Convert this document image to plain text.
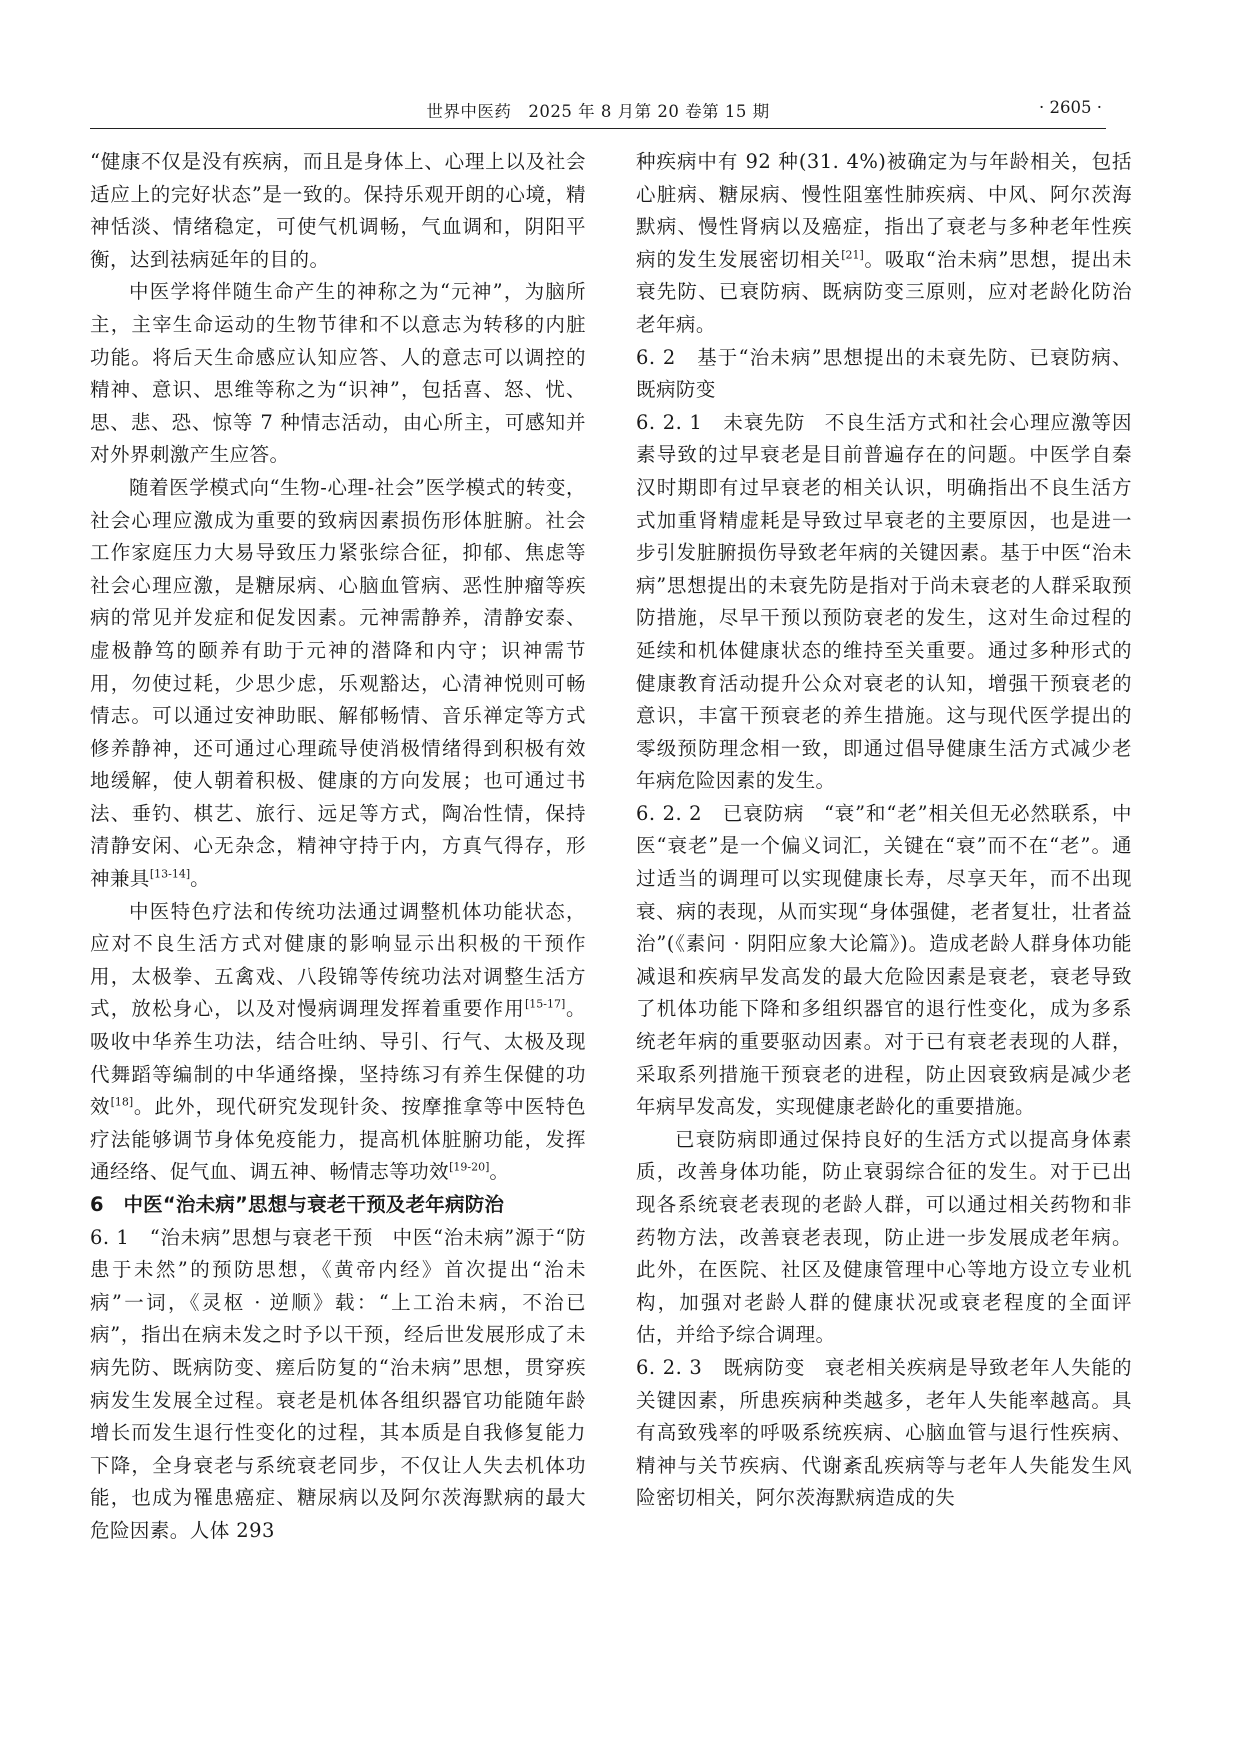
世界中医药　2025 年 8 月第 20 卷第 15 期	· 2605 ·

“健康不仅是没有疾病，而且是身体上、心理上以及社会适应上的完好状态”是一致的。保持乐观开朗的心境，精神恬淡、情绪稳定，可使气机调畅，气血调和，阴阳平衡，达到祛病延年的目的。

中医学将伴随生命产生的神称之为“元神”，为脑所主，主宰生命运动的生物节律和不以意志为转移的内脏功能。将后天生命感应认知应答、人的意志可以调控的精神、意识、思维等称之为“识神”，包括喜、怒、忧、思、悲、恐、惊等 7 种情志活动，由心所主，可感知并对外界刺激产生应答。

随着医学模式向“生物-心理-社会”医学模式的转变，社会心理应激成为重要的致病因素损伤形体脏腑。社会工作家庭压力大易导致压力紧张综合征，抑郁、焦虑等社会心理应激，是糖尿病、心脑血管病、恶性肿瘤等疾病的常见并发症和促发因素。元神需静养，清静安泰、虚极静笃的颐养有助于元神的潜降和内守；识神需节用，勿使过耗，少思少虑，乐观豁达，心清神悦则可畅情志。可以通过安神助眠、解郁畅情、音乐禅定等方式修养静神，还可通过心理疏导使消极情绪得到积极有效地缓解，使人朝着积极、健康的方向发展；也可通过书法、垂钓、棋艺、旅行、远足等方式，陶冶性情，保持清静安闲、心无杂念，精神守持于内，方真气得存，形神兼具[13-14]。

中医特色疗法和传统功法通过调整机体功能状态，应对不良生活方式对健康的影响显示出积极的干预作用，太极拳、五禽戏、八段锦等传统功法对调整生活方式，放松身心，以及对慢病调理发挥着重要作用[15-17]。吸收中华养生功法，结合吐纳、导引、行气、太极及现代舞蹈等编制的中华通络操，坚持练习有养生保健的功效[18]。此外，现代研究发现针灸、按摩推拿等中医特色疗法能够调节身体免疫能力，提高机体脏腑功能，发挥通经络、促气血、调五神、畅情志等功效[19-20]。

6　中医“治未病”思想与衰老干预及老年病防治

6. 1　“治未病”思想与衰老干预 中医“治未病”源于“防患于未然”的预防思想，《黄帝内经》首次提出“治未病”一词，《灵枢 · 逆顺》载：“上工治未病，不治已病”，指出在病未发之时予以干预，经后世发展形成了未病先防、既病防变、瘥后防复的“治未病”思想，贯穿疾病发生发展全过程。衰老是机体各组织器官功能随年龄增长而发生退行性变化的过程，其本质是自我修复能力下降，全身衰老与系统衰老同步，不仅让人失去机体功能，也成为罹患癌症、糖尿病以及阿尔茨海默病的最大危险因素。人体 293

种疾病中有 92 种(31. 4%)被确定为与年龄相关，包括心脏病、糖尿病、慢性阻塞性肺疾病、中风、阿尔茨海默病、慢性肾病以及癌症，指出了衰老与多种老年性疾病的发生发展密切相关[21]。吸取“治未病”思想，提出未衰先防、已衰防病、既病防变三原则，应对老龄化防治老年病。

6. 2　基于“治未病”思想提出的未衰先防、已衰防病、既病防变

6. 2. 1　未衰先防 不良生活方式和社会心理应激等因素导致的过早衰老是目前普遍存在的问题。中医学自秦汉时期即有过早衰老的相关认识，明确指出不良生活方式加重肾精虚耗是导致过早衰老的主要原因，也是进一步引发脏腑损伤导致老年病的关键因素。基于中医“治未病”思想提出的未衰先防是指对于尚未衰老的人群采取预防措施，尽早干预以预防衰老的发生，这对生命过程的延续和机体健康状态的维持至关重要。通过多种形式的健康教育活动提升公众对衰老的认知，增强干预衰老的意识，丰富干预衰老的养生措施。这与现代医学提出的零级预防理念相一致，即通过倡导健康生活方式减少老年病危险因素的发生。

6. 2. 2　已衰防病 “衰”和“老”相关但无必然联系，中医“衰老”是一个偏义词汇，关键在“衰”而不在“老”。通过适当的调理可以实现健康长寿，尽享天年，而不出现衰、病的表现，从而实现“身体强健，老者复壮，壮者益治”(《素问 · 阴阳应象大论篇》)。造成老龄人群身体功能减退和疾病早发高发的最大危险因素是衰老，衰老导致了机体功能下降和多组织器官的退行性变化，成为多系统老年病的重要驱动因素。对于已有衰老表现的人群，采取系列措施干预衰老的进程，防止因衰致病是减少老年病早发高发，实现健康老龄化的重要措施。

已衰防病即通过保持良好的生活方式以提高身体素质，改善身体功能，防止衰弱综合征的发生。对于已出现各系统衰老表现的老龄人群，可以通过相关药物和非药物方法，改善衰老表现，防止进一步发展成老年病。此外，在医院、社区及健康管理中心等地方设立专业机构，加强对老龄人群的健康状况或衰老程度的全面评估，并给予综合调理。

6. 2. 3　既病防变 衰老相关疾病是导致老年人失能的关键因素，所患疾病种类越多，老年人失能率越高。具有高致残率的呼吸系统疾病、心脑血管与退行性疾病、精神与关节疾病、代谢紊乱疾病等与老年人失能发生风险密切相关，阿尔茨海默病造成的失
